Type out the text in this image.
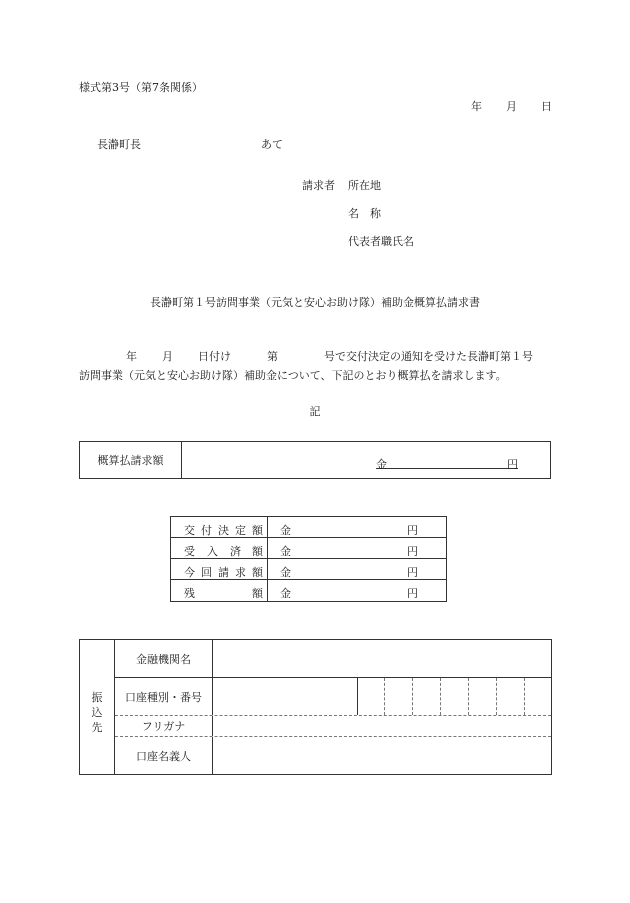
様式第3号（第7条関係）
年 月 日
長瀞町長	あて
請求者 所在地
名　称
代表者職氏名
長瀞町第１号訪問事業（元気と安心お助け隊）補助金概算払請求書
年 月 日付け	第	号で交付決定の通知を受けた長瀞町第１号
訪問事業（元気と安心お助け隊）補助金について、下記のとおり概算払を請求します。
記
概算払請求額	金	円
交 付 決 定 額 金	円
受 入 済 額 金	円
今 回 請 求 額 金	円
残	額 金	円
振
込
先
金融機関名
口座種別・番号
フリガナ
口座名義人
